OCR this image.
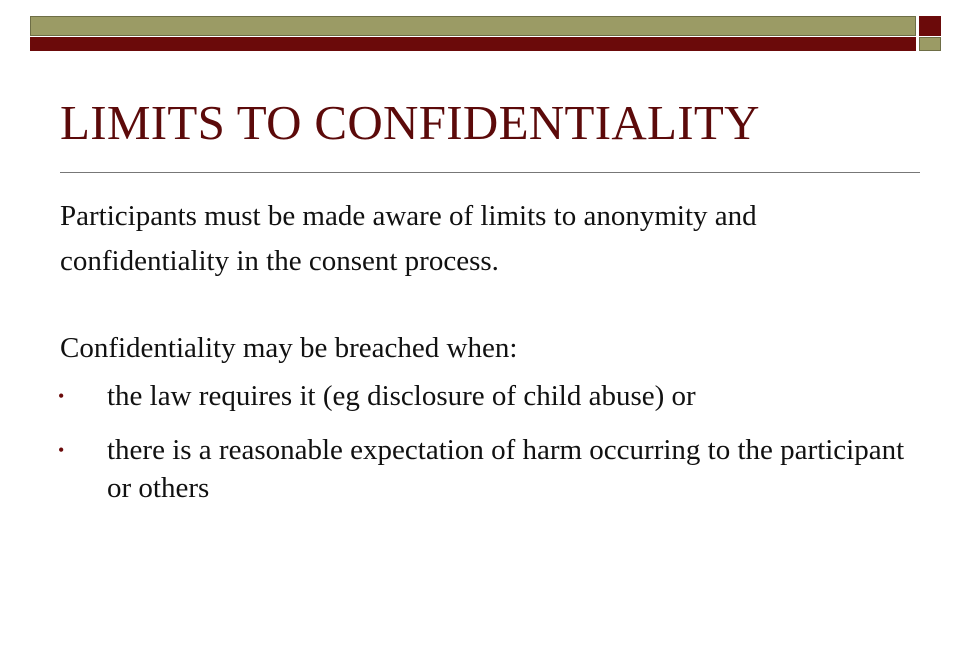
LIMITS TO CONFIDENTIALITY

Participants must be made aware of limits to anonymity and confidentiality in the consent process.

Confidentiality may be breached when:

• the law requires it (eg disclosure of child abuse) or
• there is a reasonable expectation of harm occurring to the participant or others
